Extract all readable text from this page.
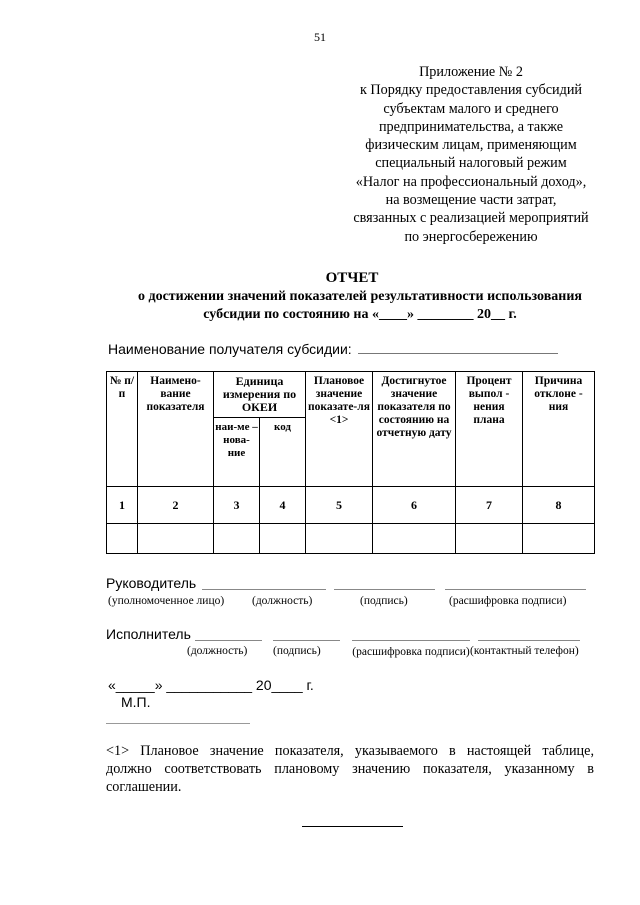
51
Приложение № 2
к Порядку предоставления субсидий
субъектам малого и среднего
предпринимательства, а также
физическим лицам, применяющим
специальный налоговый режим
«Налог на профессиональный доход»,
на возмещение части затрат,
связанных с реализацией мероприятий
по энергосбережению
ОТЧЕТ
о достижении значений показателей результативности использования
субсидии по состоянию на «____» ________ 20__ г.
Наименование получателя субсидии:
№ п/п	Наимено-вание показателя	Единица измерения по ОКЕИ		Плановое значение показате-ля <1>	Достигнутое значение показателя по состоянию на отчетную дату	Процент выпол - нения плана	Причина отклоне - ния
		наи-ме – нова-ние	код				
1	2	3	4	5	6	7	8

Руководитель
(уполномоченное лицо) (должность)	(подпись)	(расшифровка подписи)
Исполнитель
(должность) (подпись)	(расшифровка подписи) (контактный телефон)
«_____» ___________ 20____ г.
М.П.
<1> Плановое значение показателя, указываемого в настоящей таблице,
должно соответствовать плановому значению показателя, указанному в
соглашении.
